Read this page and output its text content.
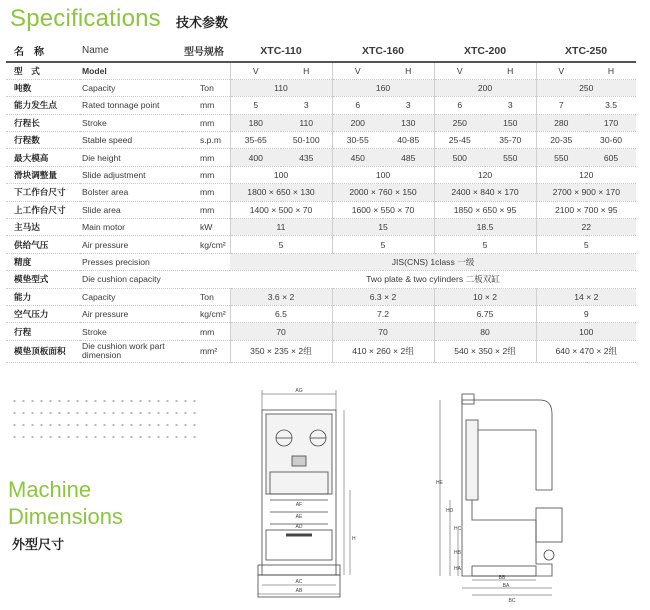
Specifications 技术参数
名　称	Name	型号规格	XTC-110		XTC-160		XTC-200		XTC-250	
型　式	Model		V	H	V	H	V	H	V	H
吨数	Capacity	Ton	110		160		200		250	
能力发生点	Rated tonnage point	mm	5	3	6	3	6	3	7	3.5
行程长	Stroke	mm	180	110	200	130	250	150	280	170
行程数	Stable speed	s.p.m	35-65	50-100	30-55	40-85	25-45	35-70	20-35	30-60
最大模高	Die height	mm	400	435	450	485	500	550	550	605
滑块调整量	Slide adjustment	mm	100		100		120		120	
下工作台尺寸	Bolster area	mm	1800 × 650 × 130		2000 × 760 × 150		2400 × 840 × 170		2700 × 900 × 170	
上工作台尺寸	Slide area	mm	1400 × 500 × 70		1600 × 550 × 70		1850 × 650 × 95		2100 × 700 × 95	
主马达	Main motor	kW	11		15		18.5		22	
供给气压	Air pressure	kg/cm²	5		5		5		5	
精度	Presses precision		JIS(CNS) 1class 一级							
模垫型式	Die cushion capacity		Two plate & two cylinders 二板双缸							
能力	Capacity	Ton	3.6 × 2		6.3 × 2		10 × 2		14 × 2	
空气压力	Air pressure	kg/cm²	6.5		7.2		6.75		9	
行程	Stroke	mm	70		70		80		100	
模垫顶板面积	Die cushion work part dimension	mm²	350 × 235 × 2组		410 × 260 × 2组		540 × 350 × 2组		640 × 470 × 2组	
Machine
Dimensions
外型尺寸
AG
AF
AE
AD
AC
AB
H
HE
HD
HC
HB
HA
BB
BA
BC
